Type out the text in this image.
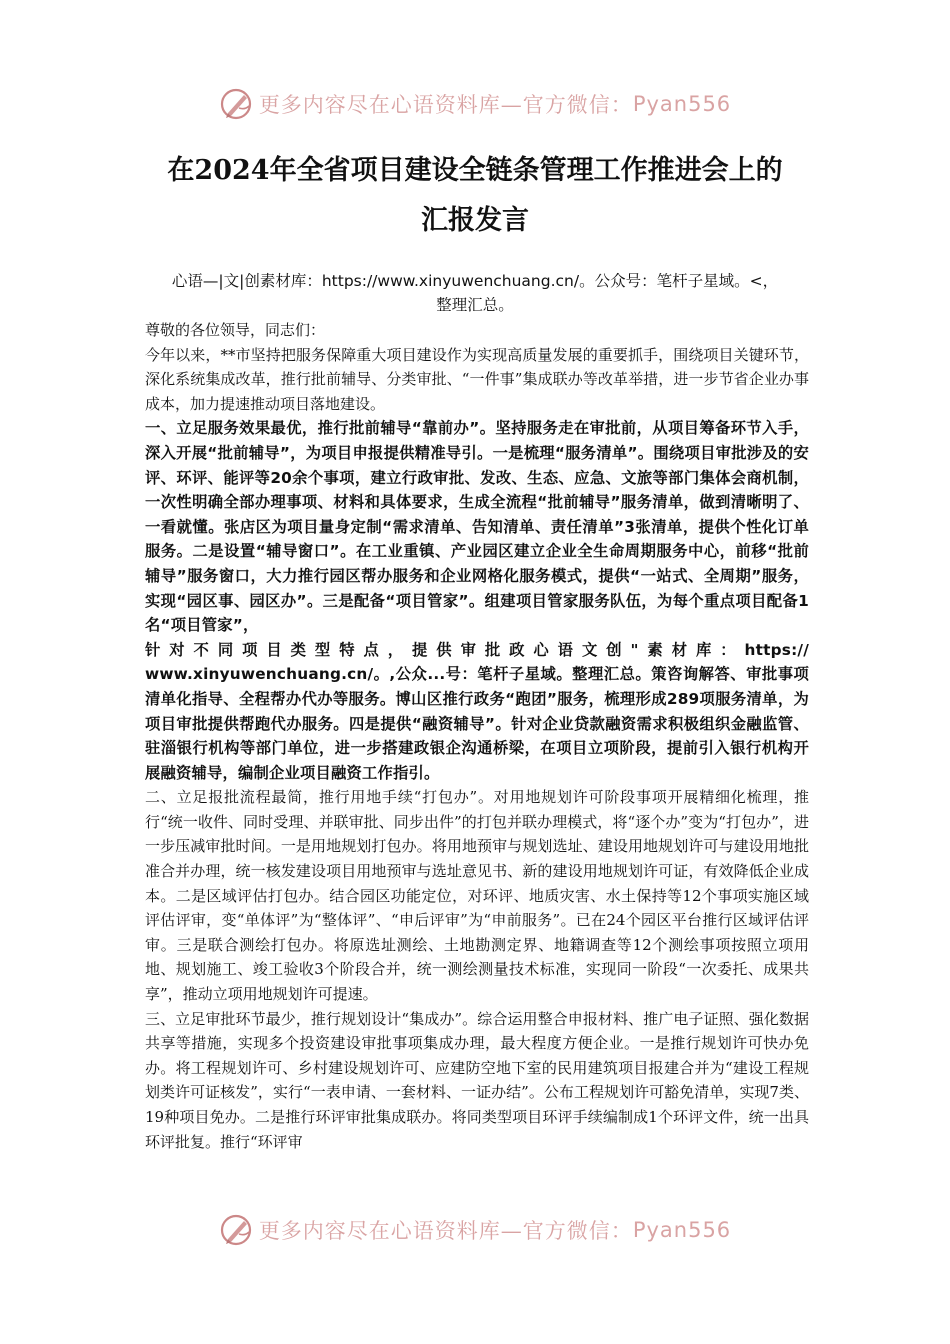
更多内容尽在心语资料库—官方微信： Pyan556
在2024年全省项目建设全链条管理工作推进会上的
汇报发言
心语—|文|创素材库：https://www.xinyuwenchuang.cn/。公众号：笔杆子星域。<，
整理汇总。

尊敬的各位领导，同志们：

今年以来，**市坚持把服务保障重大项目建设作为实现高质量发展的重要抓手，围绕项目关键环节，深化系统集成改革，推行批前辅导、分类审批、“一件事”集成联办等改革举措，进一步节省企业办事成本，加力提速推动项目落地建设。

一、立足服务效果最优，推行批前辅导“靠前办”。坚持服务走在审批前，从项目筹备环节入手，深入开展“批前辅导”，为项目申报提供精准导引。一是梳理“服务清单”。围绕项目审批涉及的安评、环评、能评等20余个事项，建立行政审批、发改、生态、应急、文旅等部门集体会商机制，一次性明确全部办理事项、材料和具体要求，生成全流程“批前辅导”服务清单，做到清晰明了、一看就懂。张店区为项目量身定制“需求清单、告知清单、责任清单”3张清单，提供个性化订单服务。二是设置“辅导窗口”。在工业重镇、产业园区建立企业全生命周期服务中心，前移“批前辅导”服务窗口，大力推行园区帮办服务和企业网格化服务模式，提供“一站式、全周期”服务，实现“园区事、园区办”。三是配备“项目管家”。组建项目管家服务队伍，为每个重点项目配备1名“项目管家”，

针对不同项目类型特点，提供审批政心语文创"素材库：https://

www.xinyuwenchuang.cn/。,公众...号：笔杆子星域。整理汇总。策咨询解答、审批事项清单化指导、全程帮办代办等服务。博山区推行政务“跑团”服务，梳理形成289项服务清单，为项目审批提供帮跑代办服务。四是提供“融资辅导”。针对企业贷款融资需求积极组织金融监管、驻淄银行机构等部门单位，进一步搭建政银企沟通桥梁，在项目立项阶段，提前引入银行机构开展融资辅导，编制企业项目融资工作指引。

二、立足报批流程最简，推行用地手续“打包办”。对用地规划许可阶段事项开展精细化梳理，推行“统一收件、同时受理、并联审批、同步出件”的打包并联办理模式，将“逐个办”变为“打包办”，进一步压减审批时间。一是用地规划打包办。将用地预审与规划选址、建设用地规划许可与建设用地批准合并办理，统一核发建设项目用地预审与选址意见书、新的建设用地规划许可证，有效降低企业成本。二是区域评估打包办。结合园区功能定位，对环评、地质灾害、水土保持等12个事项实施区域评估评审，变“单体评”为“整体评”、“申后评审”为“申前服务”。已在24个园区平台推行区域评估评审。三是联合测绘打包办。将原选址测绘、土地勘测定界、地籍调查等12个测绘事项按照立项用地、规划施工、竣工验收3个阶段合并，统一测绘测量技术标准，实现同一阶段“一次委托、成果共享”，推动立项用地规划许可提速。

三、立足审批环节最少，推行规划设计“集成办”。综合运用整合申报材料、推广电子证照、强化数据共享等措施，实现多个投资建设审批事项集成办理，最大程度方便企业。一是推行规划许可快办免办。将工程规划许可、乡村建设规划许可、应建防空地下室的民用建筑项目报建合并为“建设工程规划类许可证核发”，实行“一表申请、一套材料、一证办结”。公布工程规划许可豁免清单，实现7类、19种项目免办。二是推行环评审批集成联办。将同类型项目环评手续编制成1个环评文件，统一出具环评批复。推行“环评审

更多内容尽在心语资料库—官方微信： Pyan556
